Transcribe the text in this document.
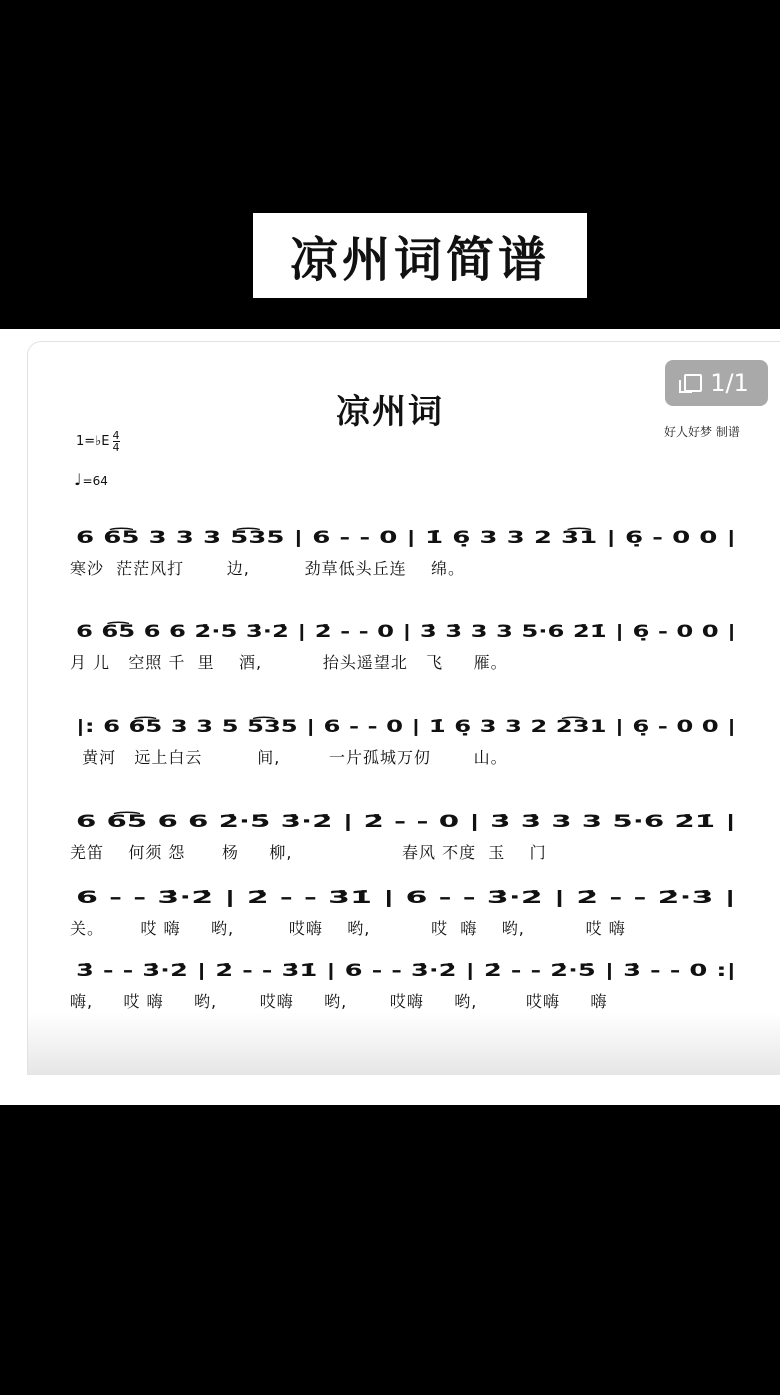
凉州词简谱
1/1
凉州词	好人好梦 制谱
1=♭E $\frac{4}{4}$
♩=64
6 6͡5 3 3 3 5͡35 | 6 - - 0 | 1̇ 6̣ 3 3 2 3͡1 | 6̣ - 0 0 |
寒沙  茫茫风打       边,         劲草低头丘连    绵。
6 6͡5 6 6 2̇·5̇ 3̇·2̇ | 2̇ - - 0 | 3̇ 3̇ 3 3 5·6 2̇1̇ | 6̣ - 0 0 |
月 儿   空照 千  里    酒,          抬头遥望北   飞     雁。
|: 6 6͡5 3 3 5 5͡35 | 6 - - 0 | 1̇ 6̣ 3 3 2 2͡31 | 6̣ - 0 0 |
黄河   远上白云         间,        一片孤城万仞       山。
6 6͡5 6 6 2̇·5̇ 3̇·2̇ | 2̇ - - 0 | 3̇ 3̇ 3 3 5·6 2̇1̇ |
羌笛    何须 怨      杨     柳,                  春风 不度  玉    门
6 - - 3̇·2̇ | 2̇ - - 3̇1̇ | 6 - - 3̇·2̇ | 2̇ - - 2̇·3̇ |
关。      哎 嗨     哟,         哎嗨    哟,          哎  嗨    哟,          哎 嗨
3̇ - - 3̇·2̇ | 2̇ - - 3̇1̇ | 6 - - 3̇·2̇ | 2̇ - - 2̇·5̇ | 3̇ - - 0 :|
嗨,     哎 嗨     哟,       哎嗨     哟,       哎嗨     哟,        哎嗨     嗨
